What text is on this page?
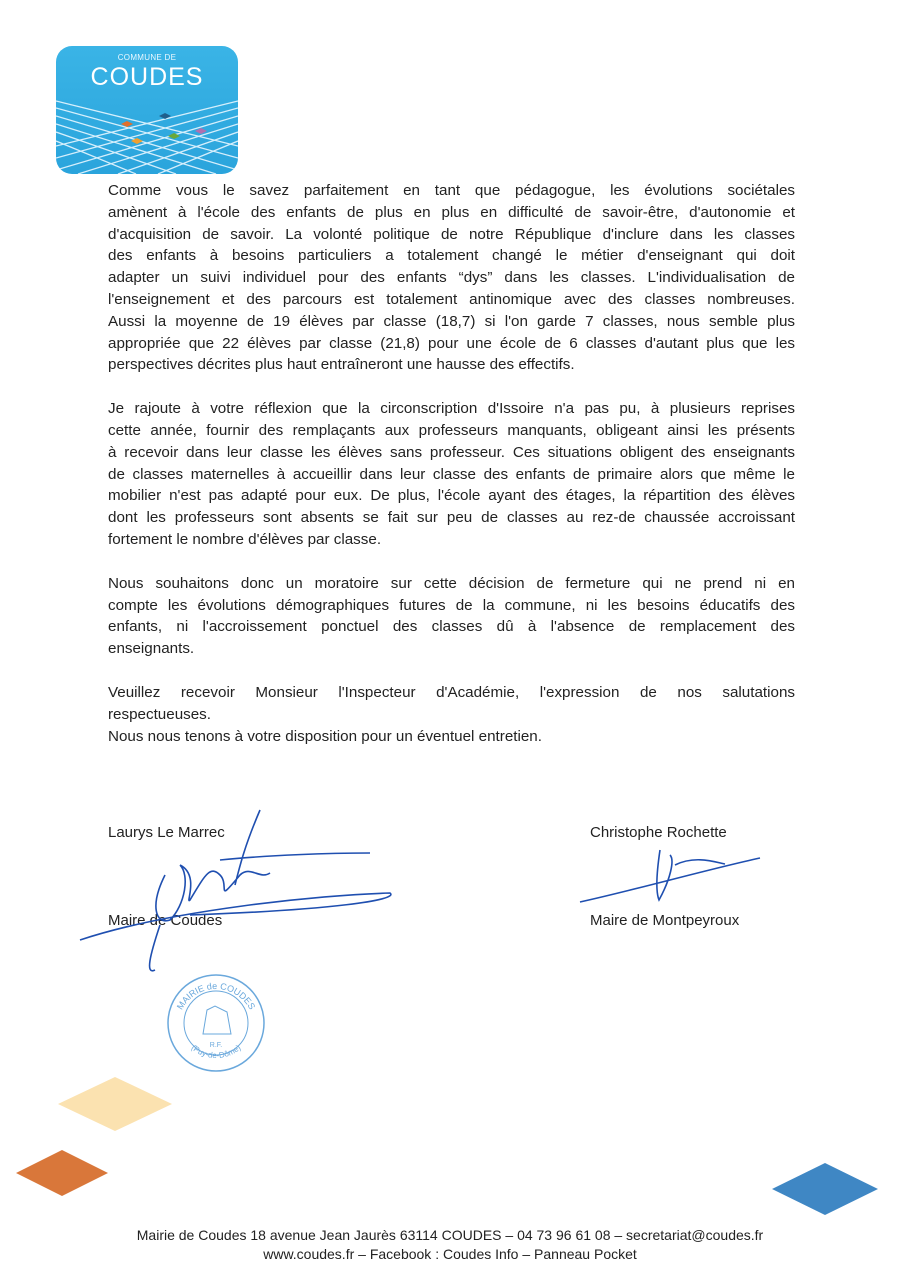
COMMUNE DE
COUDES
Comme vous le savez parfaitement en tant que pédagogue, les évolutions sociétales
amènent à l'école des enfants de plus en plus en difficulté de savoir-être, d'autonomie et
d'acquisition de savoir. La volonté politique de notre République d'inclure dans les classes
des enfants à besoins particuliers a totalement changé le métier d'enseignant qui doit
adapter un suivi individuel pour des enfants “dys” dans les classes. L'individualisation de
l'enseignement et des parcours est totalement antinomique avec des classes nombreuses.
Aussi la moyenne de 19 élèves par classe (18,7) si l'on garde 7 classes, nous semble plus
appropriée que 22 élèves par classe (21,8) pour une école de 6 classes d'autant plus que les
perspectives décrites plus haut entraîneront une hausse des effectifs.
Je rajoute à votre réflexion que la circonscription d'Issoire n'a pas pu, à plusieurs reprises
cette année, fournir des remplaçants aux professeurs manquants, obligeant ainsi les présents
à recevoir dans leur classe les élèves sans professeur. Ces situations obligent des enseignants
de classes maternelles à accueillir dans leur classe des enfants de primaire alors que même le
mobilier n'est pas adapté pour eux. De plus, l'école ayant des étages, la répartition des élèves
dont les professeurs sont absents se fait sur peu de classes au rez-de chaussée accroissant
fortement le nombre d'élèves par classe.
Nous souhaitons donc un moratoire sur cette décision de fermeture qui ne prend ni en
compte les évolutions démographiques futures de la commune, ni les besoins éducatifs des
enfants, ni l'accroissement ponctuel des classes dû à l'absence de remplacement des
enseignants.
Veuillez recevoir Monsieur l'Inspecteur d'Académie, l'expression de nos salutations
respectueuses.
Nous nous tenons à votre disposition pour un éventuel entretien.
Laurys Le Marrec
Maire de Coudes
Christophe Rochette
Maire de Montpeyroux
MAIRIE de COUDES
(Puy-de-Dôme)
R.F.
Mairie de Coudes 18 avenue Jean Jaurès 63114 COUDES – 04 73 96 61 08 – secretariat@coudes.fr
www.coudes.fr – Facebook : Coudes Info – Panneau Pocket
